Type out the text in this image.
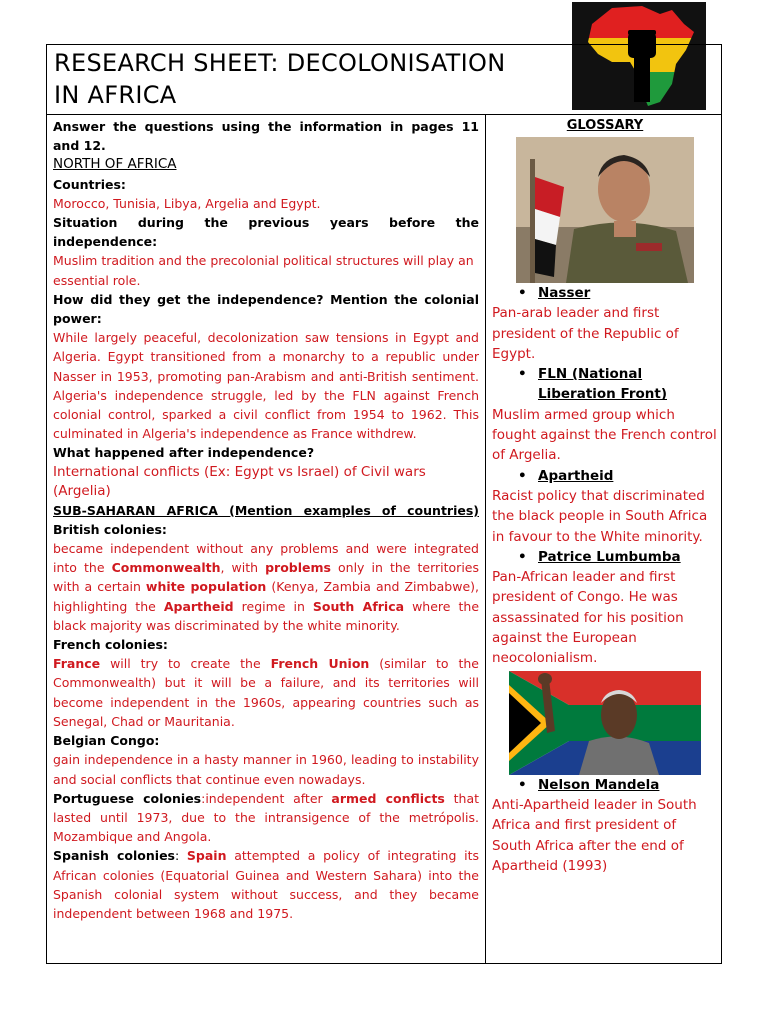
RESEARCH SHEET: DECOLONISATION
IN AFRICA
Answer the questions using the information in pages 11 and 12.
NORTH OF AFRICA
Countries:
Morocco, Tunisia, Libya, Argelia and Egypt.
Situation during the previous years before the independence:
Muslim tradition and the precolonial political structures will play an essential role.
How did they get the independence? Mention the colonial power:
While largely peaceful, decolonization saw tensions in Egypt and Algeria. Egypt transitioned from a monarchy to a republic under Nasser in 1953, promoting pan-Arabism and anti-British sentiment. Algeria's independence struggle, led by the FLN against French colonial control, sparked a civil conflict from 1954 to 1962. This culminated in Algeria's independence as France withdrew.
What happened after independence?
International conflicts (Ex: Egypt vs Israel) of Civil wars (Argelia)
SUB-SAHARAN AFRICA (Mention examples of countries)
British colonies:
became independent without any problems and were integrated into the Commonwealth, with problems only in the territories with a certain white population (Kenya, Zambia and Zimbabwe), highlighting the Apartheid regime in South Africa where the black majority was discriminated by the white minority.
French colonies:
France will try to create the French Union (similar to the Commonwealth) but it will be a failure, and its territories will become independent in the 1960s, appearing countries such as Senegal, Chad or Mauritania.
Belgian Congo:
gain independence in a hasty manner in 1960, leading to instability and social conflicts that continue even nowadays.
Portuguese colonies:independent after armed conflicts that lasted until 1973, due to the intransigence of the metrópolis. Mozambique and Angola.
Spanish colonies: Spain attempted a policy of integrating its African colonies (Equatorial Guinea and Western Sahara) into the Spanish colonial system without success, and they became independent between 1968 and 1975.
GLOSSARY
• Nasser
Pan-arab leader and first president of the Republic of Egypt.
• FLN (National Liberation Front)
Muslim armed group which fought against the French control of Argelia.
• Apartheid
Racist policy that discriminated the black people in South Africa in favour to the White minority.
• Patrice Lumbumba
Pan-African leader and first president of Congo. He was assassinated for his position against the European neocolonialism.
• Nelson Mandela
Anti-Apartheid leader in South Africa and first president of South Africa after the end of Apartheid (1993)
